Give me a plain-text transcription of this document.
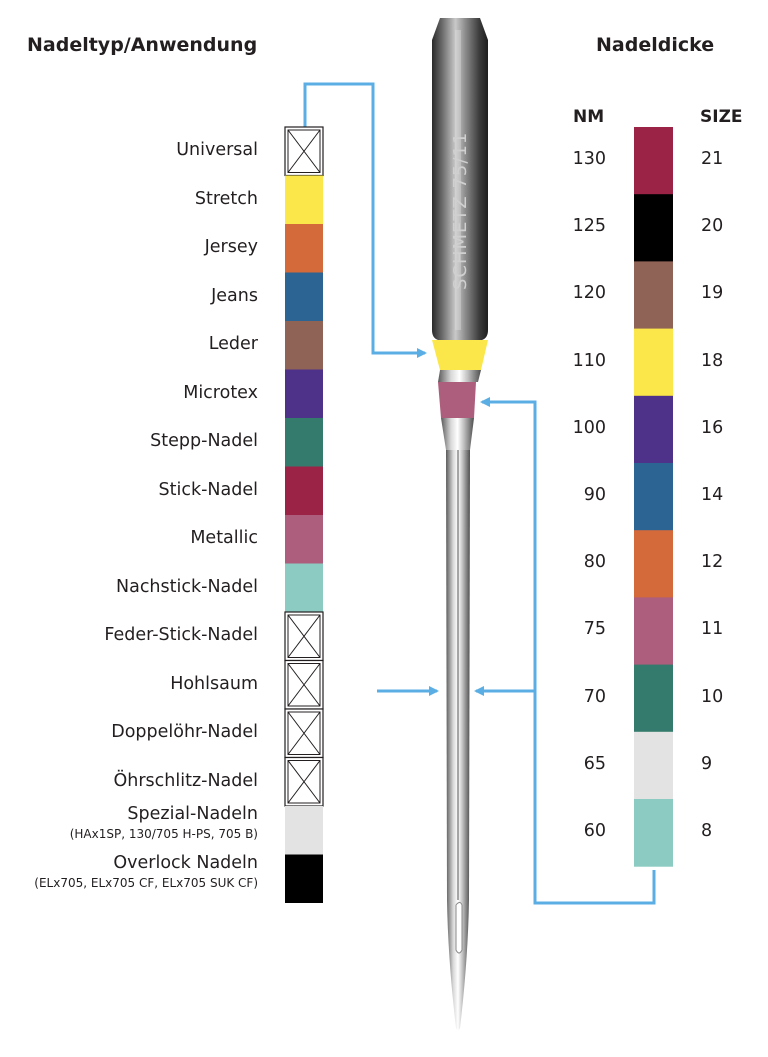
Nadeltyp/Anwendung	Nadeldicke
NM	SIZE
SCHMETZ 75/11
Universal
Stretch
Jersey
Jeans
Leder
Microtex
Stepp-Nadel
Stick-Nadel
Metallic
Nachstick-Nadel
Feder-Stick-Nadel
Hohlsaum
Doppelöhr-Nadel
Öhrschlitz-Nadel
(HAx1SP, 130/705 H-PS, 705 B)
Spezial-Nadeln
(ELx705, ELx705 CF, ELx705 SUK CF)
Overlock Nadeln
130	21
125	20
120	19
110	18
100	16
90	14
80	12
75	11
70	10
65	9
60	8
